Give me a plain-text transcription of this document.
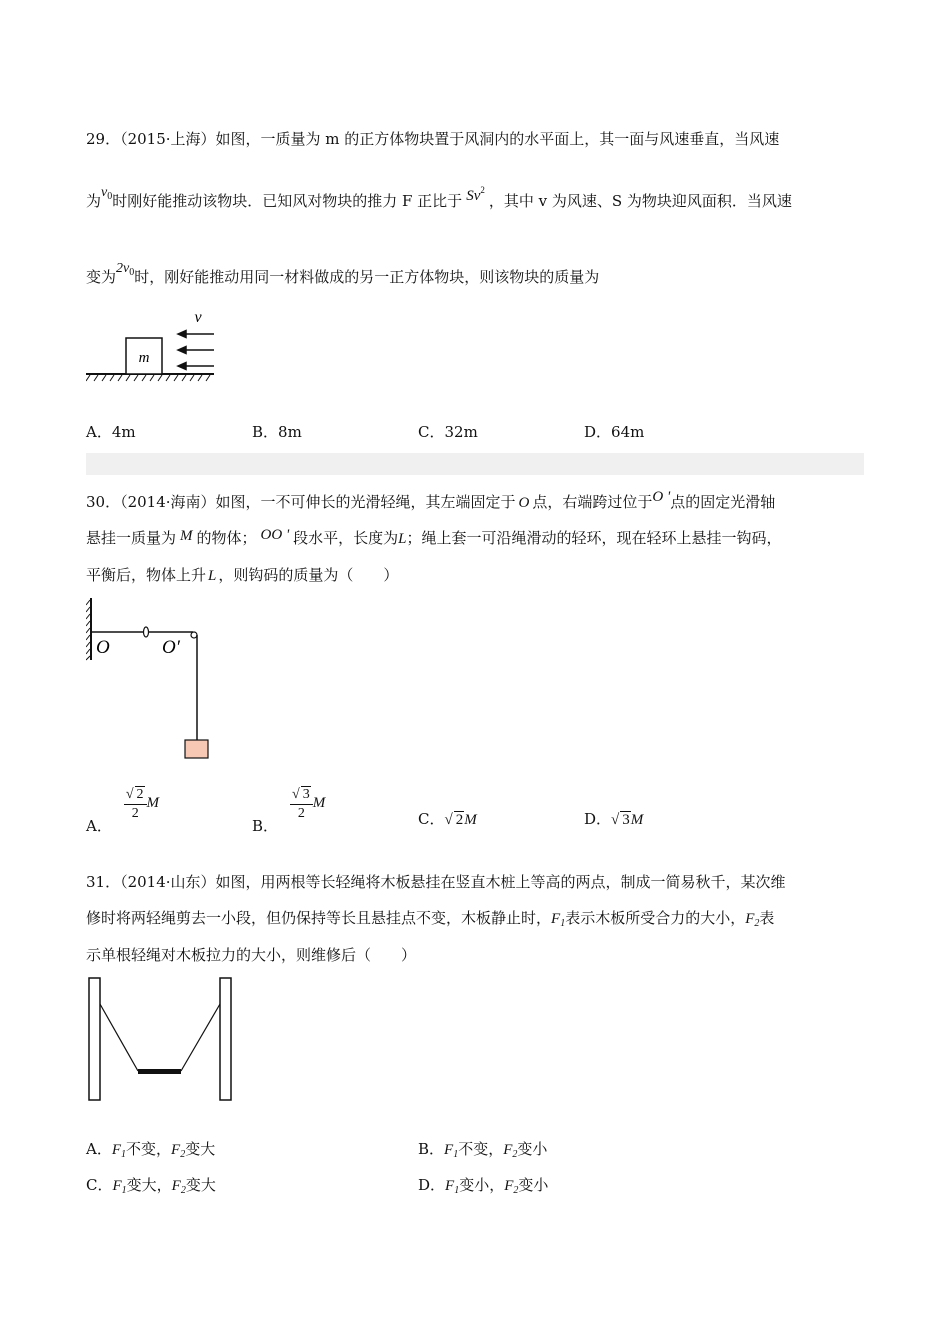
29．（2015·上海）如图，一质量为 m 的正方体物块置于风洞内的水平面上，其一面与风速垂直，当风速
为$v_0$时刚好能推动该物块．已知风对物块的推力 F 正比于 Sv$^2$，其中 v 为风速、S 为物块迎风面积．当风速
变为$2v_0$时，刚好能推动用同一材料做成的另一正方体物块，则该物块的质量为
m
v
A．4m	B．8m	C．32m	D．64m
30．（2014·海南）如图，一不可伸长的光滑轻绳，其左端固定于 O 点，右端跨过位于O '点的固定光滑轴
悬挂一质量为 M 的物体； OO ' 段水平，长度为L；绳上套一可沿绳滑动的轻环，现在轻环上悬挂一钩码，
平衡后，物体上升 L ，则钩码的质量为（　　）
O	O′
A．
$\frac{√ 2}{2}$ M
B．
$\frac{√ 3}{2}$ M
C．√ 2M	D．√ 3M
31．（2014·山东）如图，用两根等长轻绳将木板悬挂在竖直木桩上等高的两点，制成一简易秋千，某次维
修时将两轻绳剪去一小段，但仍保持等长且悬挂点不变，木板静止时，$F_1$表示木板所受合力的大小，$F_2$表
示单根轻绳对木板拉力的大小，则维修后（　　）
A．$F_1$不变，$F_2$变大	B．$F_1$不变，$F_2$变小
C．$F_1$变大，$F_2$变大	D．$F_1$变小，$F_2$变小
